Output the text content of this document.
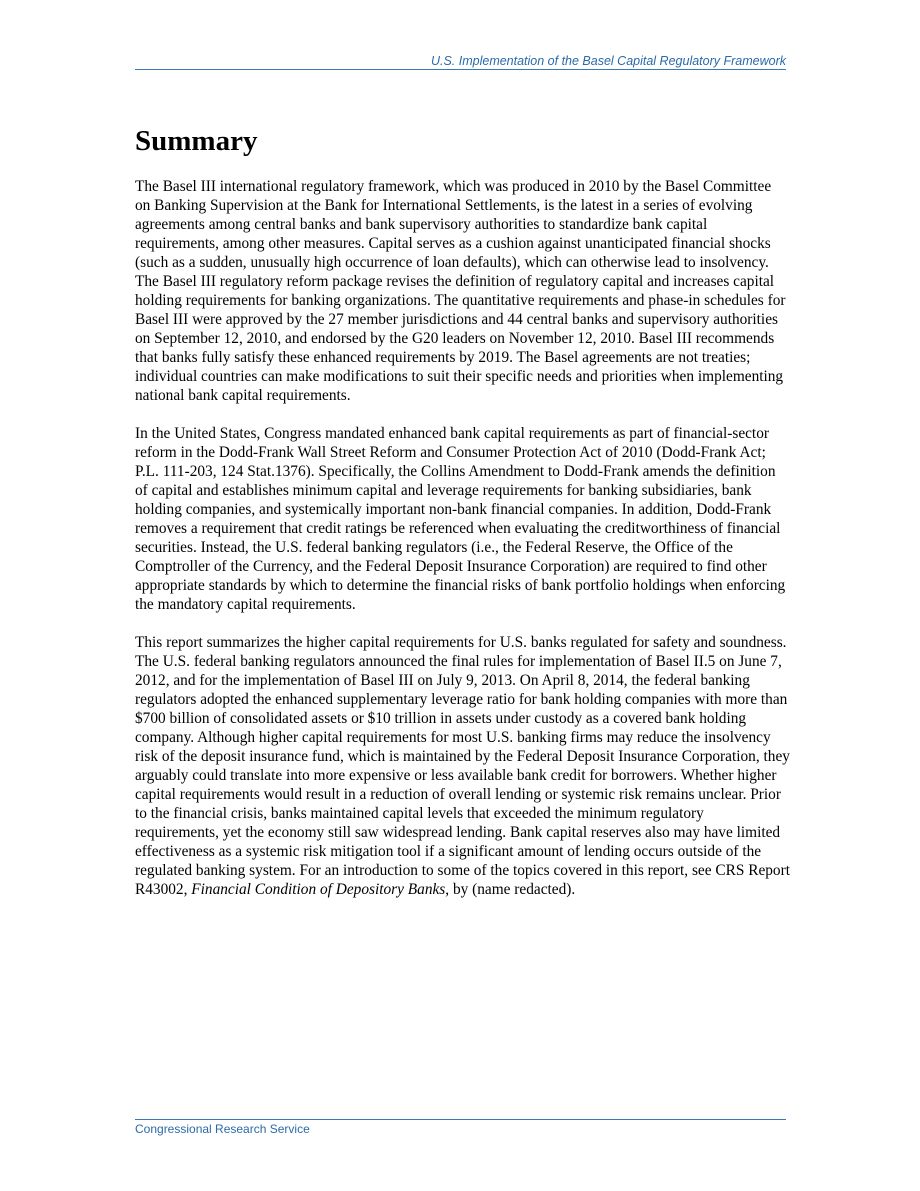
U.S. Implementation of the Basel Capital Regulatory Framework
Summary

The Basel III international regulatory framework, which was produced in 2010 by the Basel Committee on Banking Supervision at the Bank for International Settlements, is the latest in a series of evolving agreements among central banks and bank supervisory authorities to standardize bank capital requirements, among other measures. Capital serves as a cushion against unanticipated financial shocks (such as a sudden, unusually high occurrence of loan defaults), which can otherwise lead to insolvency. The Basel III regulatory reform package revises the definition of regulatory capital and increases capital holding requirements for banking organizations. The quantitative requirements and phase-in schedules for Basel III were approved by the 27 member jurisdictions and 44 central banks and supervisory authorities on September 12, 2010, and endorsed by the G20 leaders on November 12, 2010. Basel III recommends that banks fully satisfy these enhanced requirements by 2019. The Basel agreements are not treaties; individual countries can make modifications to suit their specific needs and priorities when implementing national bank capital requirements.

In the United States, Congress mandated enhanced bank capital requirements as part of financial-sector reform in the Dodd-Frank Wall Street Reform and Consumer Protection Act of 2010 (Dodd-Frank Act; P.L. 111-203, 124 Stat.1376). Specifically, the Collins Amendment to Dodd-Frank amends the definition of capital and establishes minimum capital and leverage requirements for banking subsidiaries, bank holding companies, and systemically important non-bank financial companies. In addition, Dodd-Frank removes a requirement that credit ratings be referenced when evaluating the creditworthiness of financial securities. Instead, the U.S. federal banking regulators (i.e., the Federal Reserve, the Office of the Comptroller of the Currency, and the Federal Deposit Insurance Corporation) are required to find other appropriate standards by which to determine the financial risks of bank portfolio holdings when enforcing the mandatory capital requirements.

This report summarizes the higher capital requirements for U.S. banks regulated for safety and soundness. The U.S. federal banking regulators announced the final rules for implementation of Basel II.5 on June 7, 2012, and for the implementation of Basel III on July 9, 2013. On April 8, 2014, the federal banking regulators adopted the enhanced supplementary leverage ratio for bank holding companies with more than $700 billion of consolidated assets or $10 trillion in assets under custody as a covered bank holding company. Although higher capital requirements for most U.S. banking firms may reduce the insolvency risk of the deposit insurance fund, which is maintained by the Federal Deposit Insurance Corporation, they arguably could translate into more expensive or less available bank credit for borrowers. Whether higher capital requirements would result in a reduction of overall lending or systemic risk remains unclear. Prior to the financial crisis, banks maintained capital levels that exceeded the minimum regulatory requirements, yet the economy still saw widespread lending. Bank capital reserves also may have limited effectiveness as a systemic risk mitigation tool if a significant amount of lending occurs outside of the regulated banking system. For an introduction to some of the topics covered in this report, see CRS Report R43002, Financial Condition of Depository Banks, by (name redacted).

Congressional Research Service
